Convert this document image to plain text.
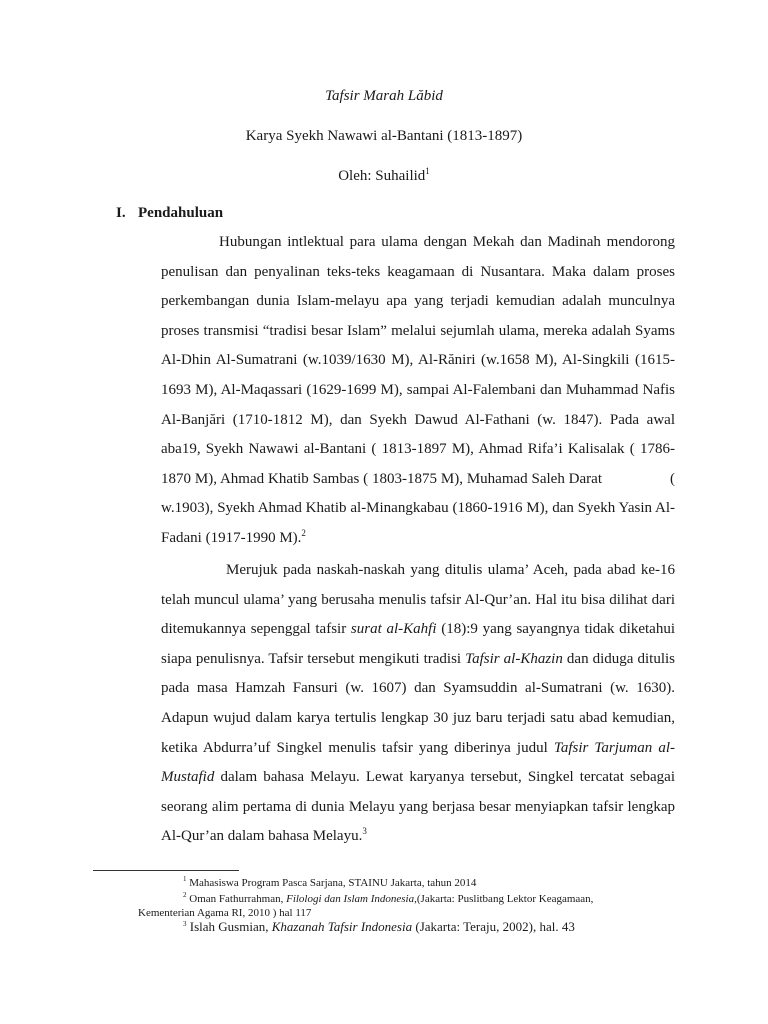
Tafsir Marah Lăbid
Karya Syekh Nawawi al-Bantani (1813-1897)
Oleh: Suhailid$^1$
I. Pendahuluan
Hubungan intlektual para ulama dengan Mekah dan Madinah mendorong penulisan dan penyalinan teks-teks keagamaan di Nusantara. Maka dalam proses perkembangan dunia Islam-melayu apa yang terjadi kemudian adalah munculnya proses transmisi “tradisi besar Islam” melalui sejumlah ulama, mereka adalah Syams Al-Dhin Al-Sumatrani (w.1039/1630 M), Al-Răniri (w.1658 M), Al-Singkili (1615-1693 M), Al-Maqassari (1629-1699 M), sampai Al-Falembani dan Muhammad Nafis Al-Banjări (1710-1812 M), dan Syekh Dawud Al-Fathani (w. 1847). Pada awal aba19, Syekh Nawawi al-Bantani ( 1813-1897 M), Ahmad Rifa’i Kalisalak ( 1786-1870 M), Ahmad Khatib Sambas ( 1803-1875 M), Muhamad Saleh Darat	( w.1903), Syekh Ahmad Khatib al-Minangkabau (1860-1916 M), dan Syekh Yasin Al-Fadani (1917-1990 M).$^2$
Merujuk pada naskah-naskah yang ditulis ulama’ Aceh, pada abad ke-16 telah muncul ulama’ yang berusaha menulis tafsir Al-Qur’an. Hal itu bisa dilihat dari ditemukannya sepenggal tafsir surat al-Kahfi (18):9 yang sayangnya tidak diketahui siapa penulisnya. Tafsir tersebut mengikuti tradisi Tafsir al-Khazin dan diduga ditulis pada masa Hamzah Fansuri (w. 1607) dan Syamsuddin al-Sumatrani (w. 1630). Adapun wujud dalam karya tertulis lengkap 30 juz baru terjadi satu abad kemudian, ketika Abdurra’uf Singkel menulis tafsir yang diberinya judul Tafsir Tarjuman al-Mustafid dalam bahasa Melayu. Lewat karyanya tersebut, Singkel tercatat sebagai seorang alim pertama di dunia Melayu yang berjasa besar menyiapkan tafsir lengkap Al-Qur’an dalam bahasa Melayu.$^3$
$^1$ Mahasiswa Program Pasca Sarjana, STAINU Jakarta, tahun 2014
$^2$ Oman Fathurrahman, Filologi dan Islam Indonesia,(Jakarta: Puslitbang Lektor Keagamaan,
Kementerian Agama RI, 2010 ) hal 117
$^3$ Islah Gusmian, Khazanah Tafsir Indonesia (Jakarta: Teraju, 2002), hal. 43
